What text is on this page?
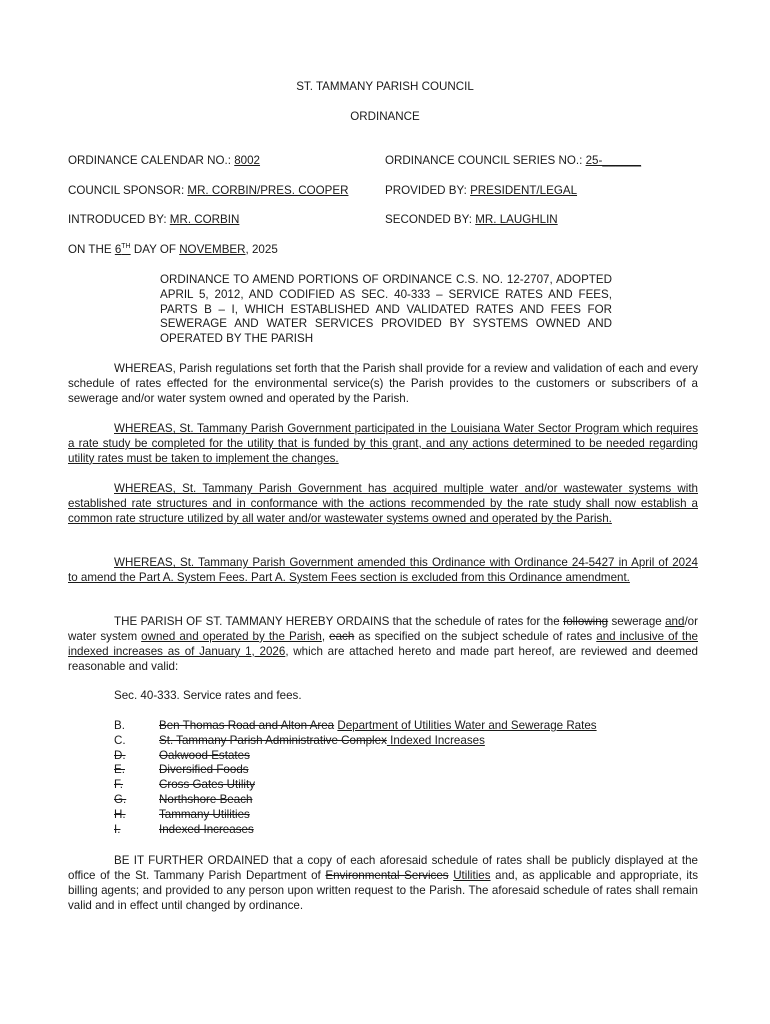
ST. TAMMANY PARISH COUNCIL
ORDINANCE
ORDINANCE CALENDAR NO.: 8002	ORDINANCE COUNCIL SERIES NO.: 25-______
COUNCIL SPONSOR: MR. CORBIN/PRES. COOPER	PROVIDED BY: PRESIDENT/LEGAL
INTRODUCED BY: MR. CORBIN	SECONDED BY: MR. LAUGHLIN
ON THE 6TH DAY OF NOVEMBER, 2025
ORDINANCE TO AMEND PORTIONS OF ORDINANCE C.S. NO. 12-2707, ADOPTED APRIL 5, 2012, AND CODIFIED AS SEC. 40-333 – SERVICE RATES AND FEES, PARTS B – I, WHICH ESTABLISHED AND VALIDATED RATES AND FEES FOR SEWERAGE AND WATER SERVICES PROVIDED BY SYSTEMS OWNED AND OPERATED BY THE PARISH
WHEREAS, Parish regulations set forth that the Parish shall provide for a review and validation of each and every schedule of rates effected for the environmental service(s) the Parish provides to the customers or subscribers of a sewerage and/or water system owned and operated by the Parish.
WHEREAS, St. Tammany Parish Government participated in the Louisiana Water Sector Program which requires a rate study be completed for the utility that is funded by this grant, and any actions determined to be needed regarding utility rates must be taken to implement the changes.
WHEREAS, St. Tammany Parish Government has acquired multiple water and/or wastewater systems with established rate structures and in conformance with the actions recommended by the rate study shall now establish a common rate structure utilized by all water and/or wastewater systems owned and operated by the Parish.
WHEREAS, St. Tammany Parish Government amended this Ordinance with Ordinance 24-5427 in April of 2024 to amend the Part A. System Fees. Part A. System Fees section is excluded from this Ordinance amendment.
THE PARISH OF ST. TAMMANY HEREBY ORDAINS that the schedule of rates for the following sewerage and/or water system owned and operated by the Parish, each as specified on the subject schedule of rates and inclusive of the indexed increases as of January 1, 2026, which are attached hereto and made part hereof, are reviewed and deemed reasonable and valid:
Sec. 40-333. Service rates and fees.
B.	Ben Thomas Road and Alton Area Department of Utilities Water and Sewerage Rates
C.	St. Tammany Parish Administrative Complex Indexed Increases
D.	Oakwood Estates
E.	Diversified Foods
F.	Cross Gates Utility
G.	Northshore Beach
H.	Tammany Utilities
I.	Indexed Increases
BE IT FURTHER ORDAINED that a copy of each aforesaid schedule of rates shall be publicly displayed at the office of the St. Tammany Parish Department of Environmental Services Utilities and, as applicable and appropriate, its billing agents; and provided to any person upon written request to the Parish. The aforesaid schedule of rates shall remain valid and in effect until changed by ordinance.
